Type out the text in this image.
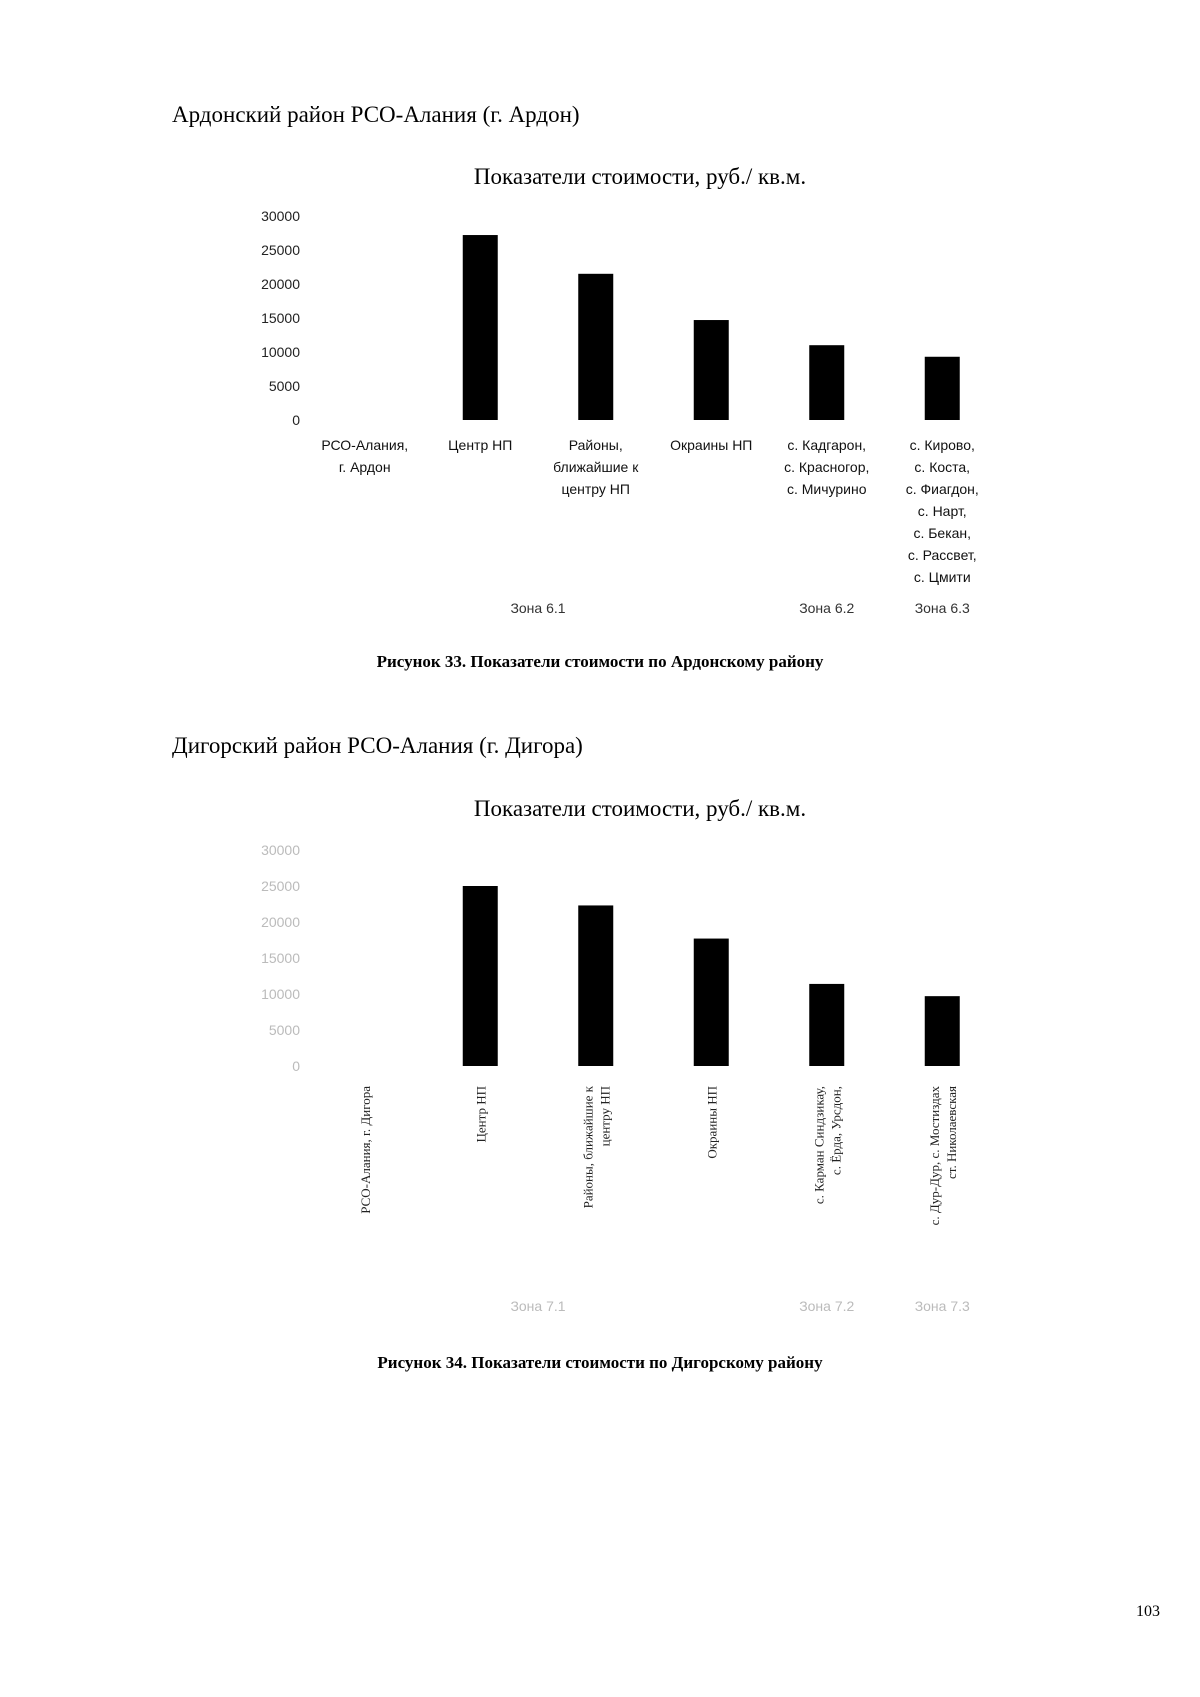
Ардонский район РСО-Алания (г. Ардон)
Показатели стоимости, руб./ кв.м.
0
5000
10000
15000
20000
25000
30000
РСО-Алания,
г. Ардон
Центр НП	Районы,
ближайшие к
центру НП
Окраины НП	с. Кадгарон,
с. Красногор,
с. Мичуринo
с. Кирово,
с. Коста,
с. Фиагдон,
с. Нарт,
с. Бекан,
с. Рассвет,
с. Цмити
Зона 6.1	Зона 6.2	Зона 6.3

Рисунок 33. Показатели стоимости по Ардонскому району

Дигорский район РСО-Алания (г. Дигора)
Показатели стоимости, руб./ кв.м.
0
5000
10000
15000
20000
25000
30000
РСО-Алания, г. Дигора	Центр НП	Районы, ближайшие к центру НП	Окраины НП	с. Карман Синдзикау, с. Ёрда, Урсдон,	с. Дур-Дур, с. Мостиздах ст. Николаевская
Зона 7.1	Зона 7.2	Зона 7.3

Рисунок 34. Показатели стоимости по Дигорскому району

103
